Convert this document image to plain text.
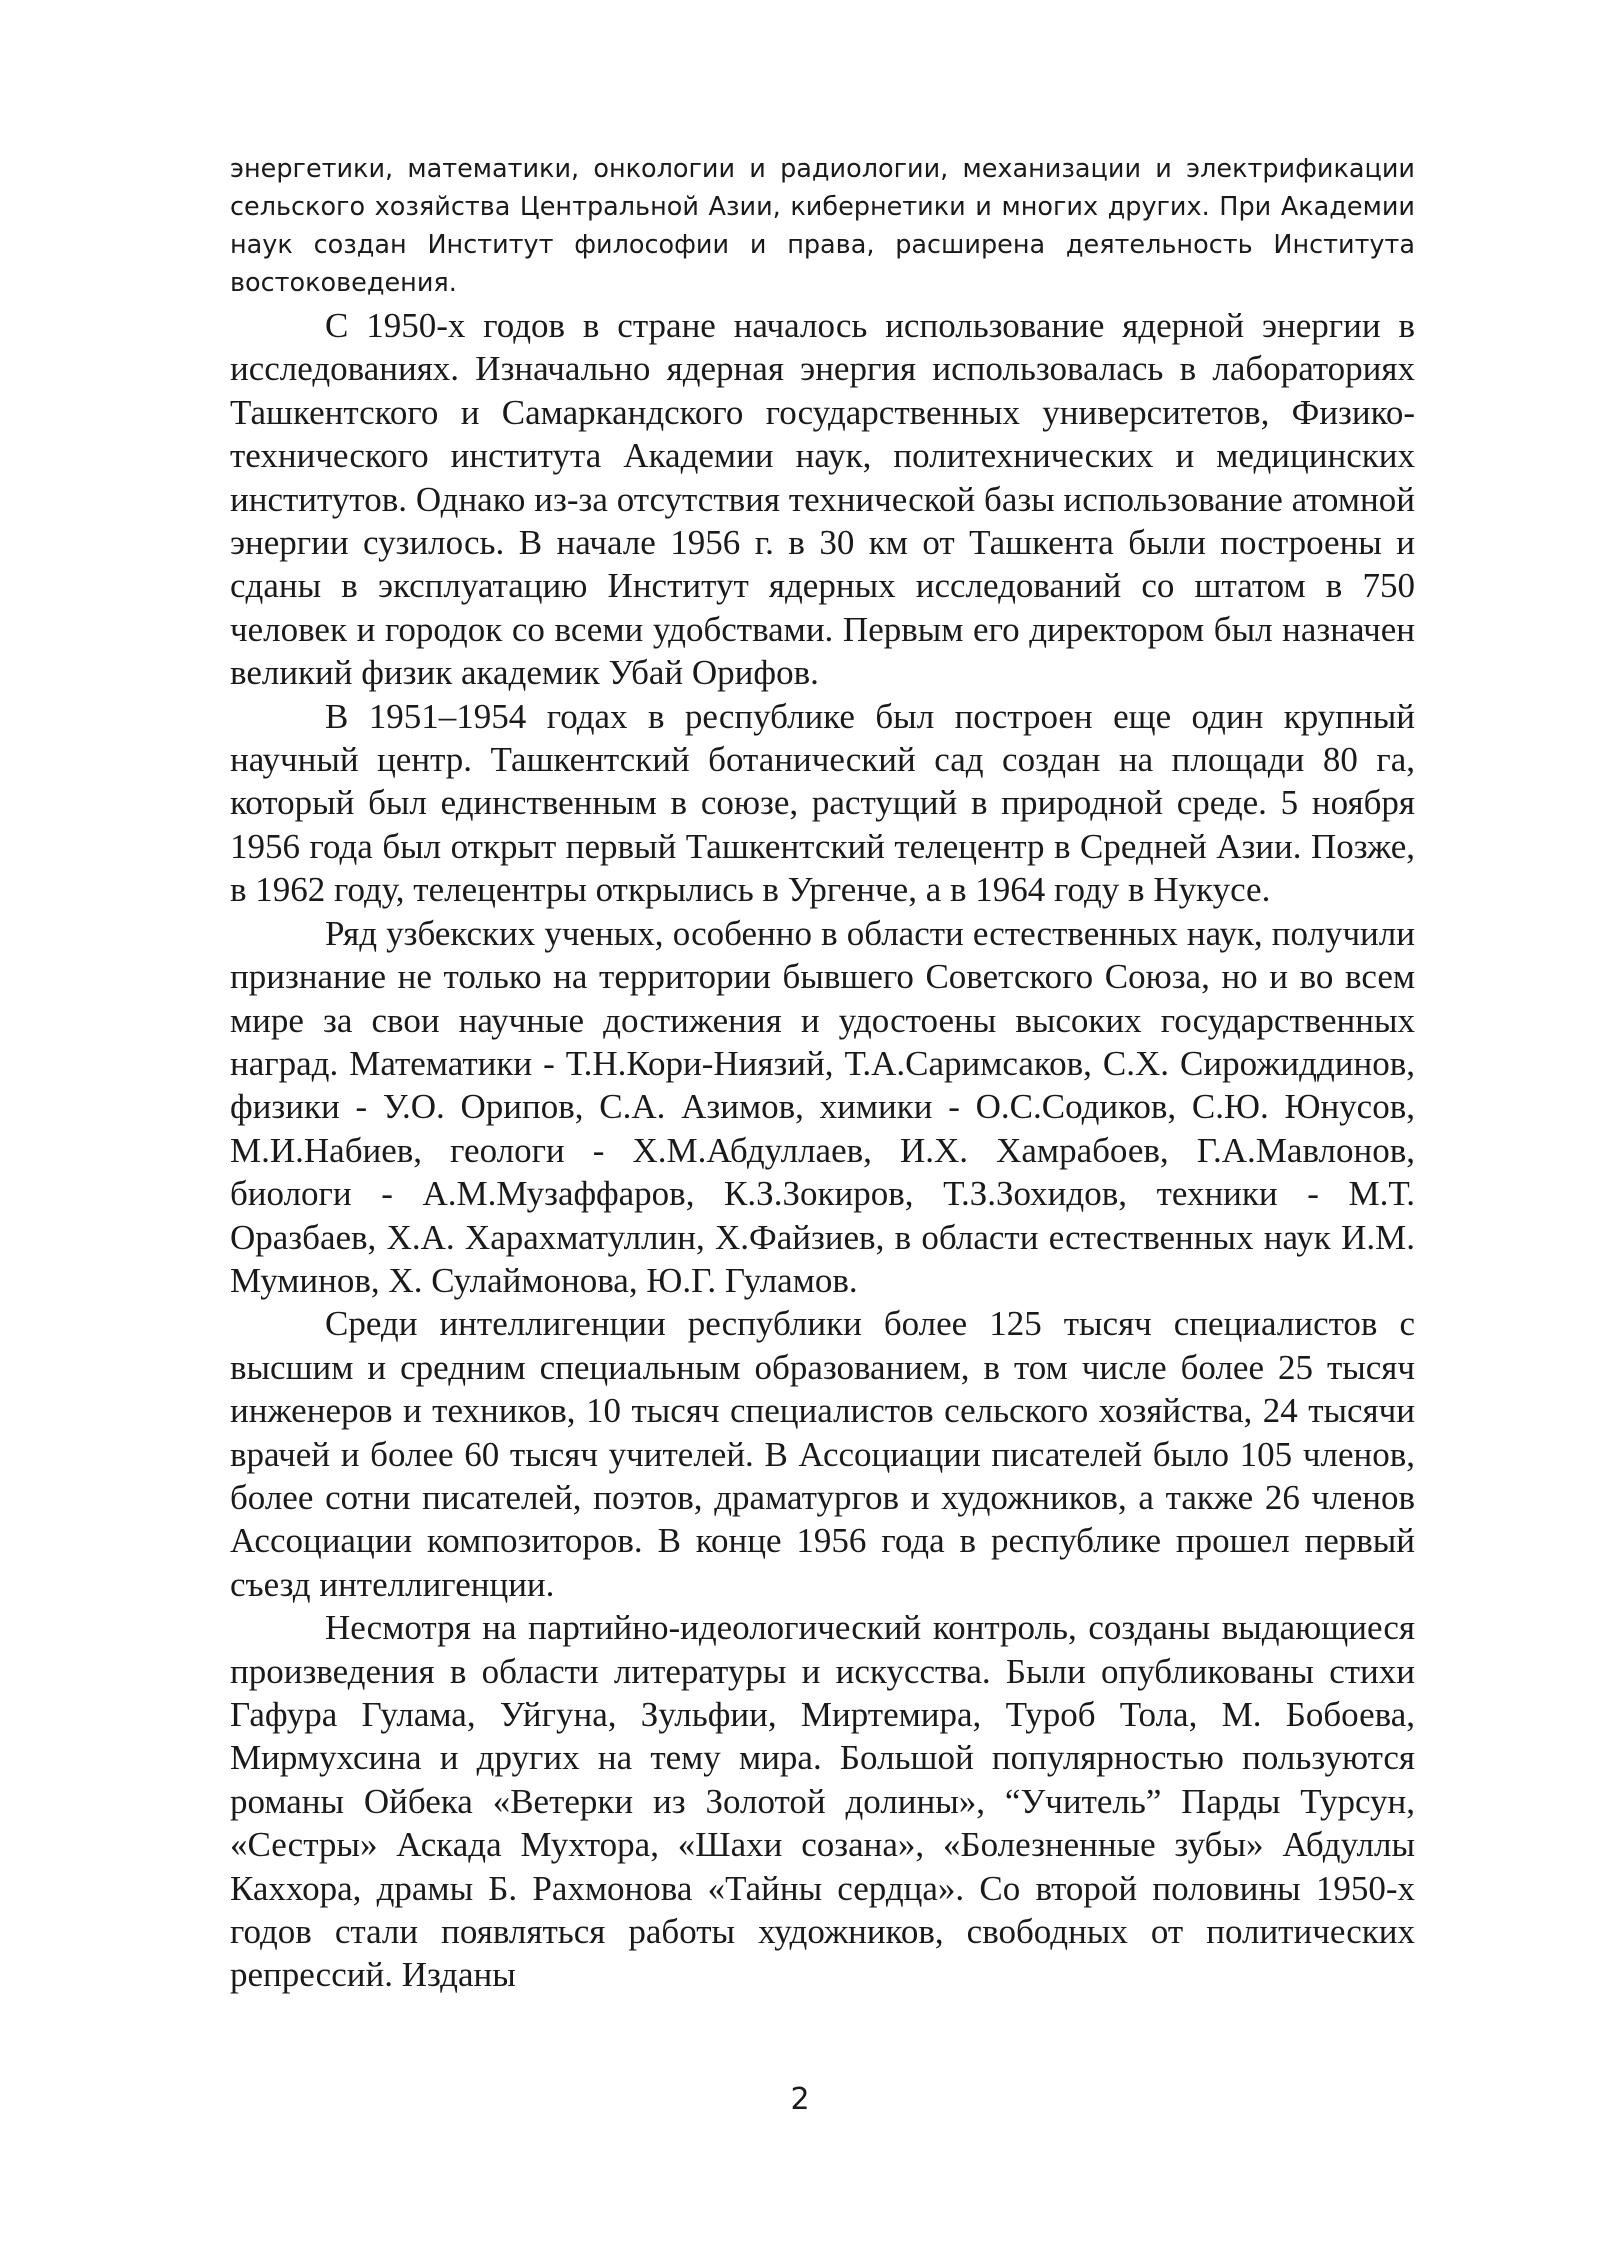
энергетики, математики, онкологии и радиологии, механизации и электрификации сельского хозяйства Центральной Азии, кибернетики и многих других. При Академии наук создан Институт философии и права, расширена деятельность Института востоковедения.

С 1950-х годов в стране началось использование ядерной энергии в исследованиях. Изначально ядерная энергия использовалась в лабораториях Ташкентского и Самаркандского государственных университетов, Физико-технического института Академии наук, политехнических и медицинских институтов. Однако из-за отсутствия технической базы использование атомной энергии сузилось. В начале 1956 г. в 30 км от Ташкента были построены и сданы в эксплуатацию Институт ядерных исследований со штатом в 750 человек и городок со всеми удобствами. Первым его директором был назначен великий физик академик Убай Орифов.

В 1951–1954 годах в республике был построен еще один крупный научный центр. Ташкентский ботанический сад создан на площади 80 га, который был единственным в союзе, растущий в природной среде. 5 ноября 1956 года был открыт первый Ташкентский телецентр в Средней Азии. Позже, в 1962 году, телецентры открылись в Ургенче, а в 1964 году в Нукусе.

Ряд узбекских ученых, особенно в области естественных наук, получили признание не только на территории бывшего Советского Союза, но и во всем мире за свои научные достижения и удостоены высоких государственных наград. Математики - Т.Н.Кори-Ниязий, Т.А.Саримсаков, С.Х. Сирожиддинов, физики - У.О. Орипов, С.А. Азимов, химики - О.С.Содиков, С.Ю. Юнусов, М.И.Набиев, геологи - Х.М.Абдуллаев, И.Х. Хамрабоев, Г.А.Мавлонов, биологи - А.М.Музаффаров, К.З.Зокиров, Т.З.Зохидов, техники - М.Т. Оразбаев, Х.А. Харахматуллин, Х.Файзиев, в области естественных наук И.М. Муминов, Х. Сулаймонова, Ю.Г. Гуламов.

Среди интеллигенции республики более 125 тысяч специалистов с высшим и средним специальным образованием, в том числе более 25 тысяч инженеров и техников, 10 тысяч специалистов сельского хозяйства, 24 тысячи врачей и более 60 тысяч учителей. В Ассоциации писателей было 105 членов, более сотни писателей, поэтов, драматургов и художников, а также 26 членов Ассоциации композиторов. В конце 1956 года в республике прошел первый съезд интеллигенции.

Несмотря на партийно-идеологический контроль, созданы выдающиеся произведения в области литературы и искусства. Были опубликованы стихи Гафура Гулама, Уйгуна, Зульфии, Миртемира, Туроб Тола, М. Бобоева, Мирмухсина и других на тему мира. Большой популярностью пользуются романы Ойбека «Ветерки из Золотой долины», “Учитель” Парды Турсун, «Сестры» Аскада Мухтора, «Шахи созана», «Болезненные зубы» Абдуллы Каххора, драмы Б. Рахмонова «Тайны сердца». Со второй половины 1950-х годов стали появляться работы художников, свободных от политических репрессий. Изданы

2
